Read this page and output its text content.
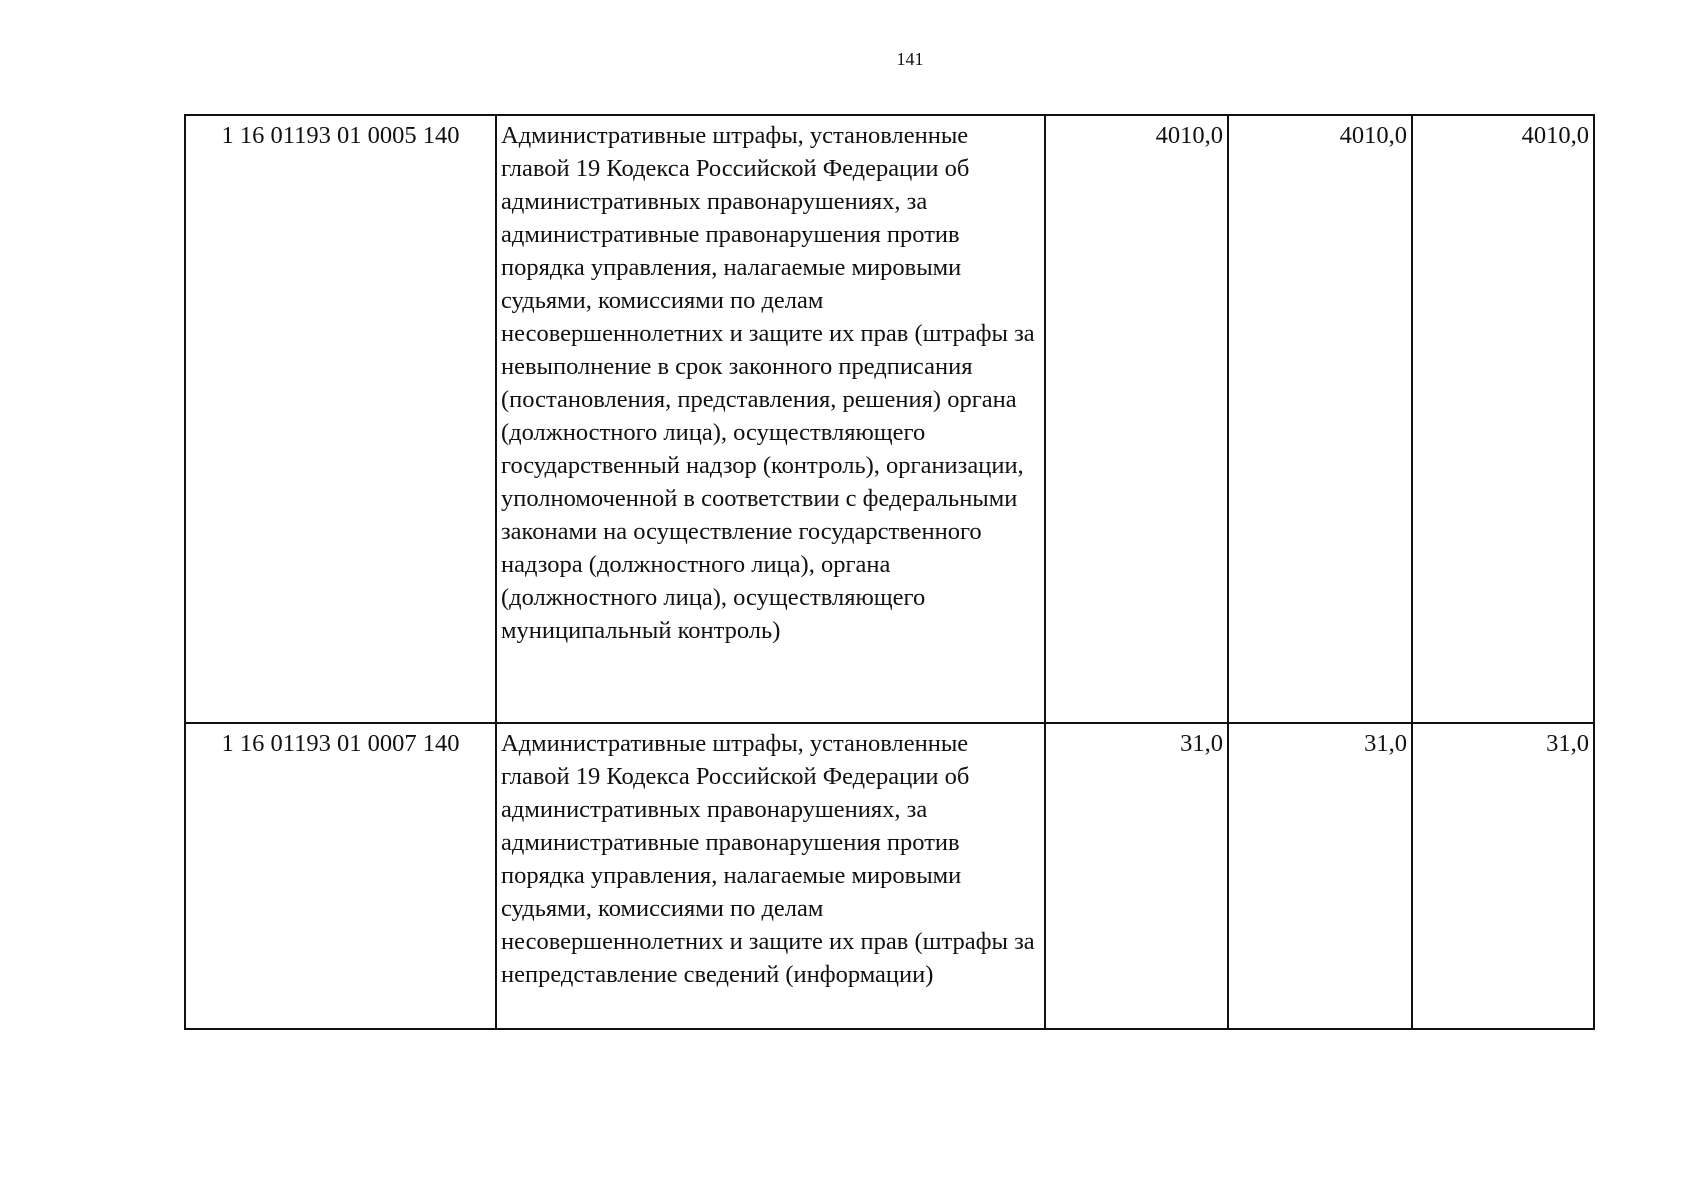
141
1 16 01193 01 0005 140	Административные штрафы, установленные главой 19 Кодекса Российской Федерации об административных правонарушениях, за административные правонарушения против порядка управления, налагаемые мировыми судьями, комиссиями по делам несовершеннолетних и защите их прав (штрафы за невыполнение в срок законного предписания (постановления, представления, решения) органа (должностного лица), осуществляющего государственный надзор (контроль), организации, уполномоченной в соответствии с федеральными законами на осуществление государственного надзора (должностного лица), органа (должностного лица), осуществляющего муниципальный контроль)	4010,0	4010,0	4010,0
1 16 01193 01 0007 140	Административные штрафы, установленные главой 19 Кодекса Российской Федерации об административных правонарушениях, за административные правонарушения против порядка управления, налагаемые мировыми судьями, комиссиями по делам несовершеннолетних и защите их прав (штрафы за непредставление сведений (информации)	31,0	31,0	31,0
